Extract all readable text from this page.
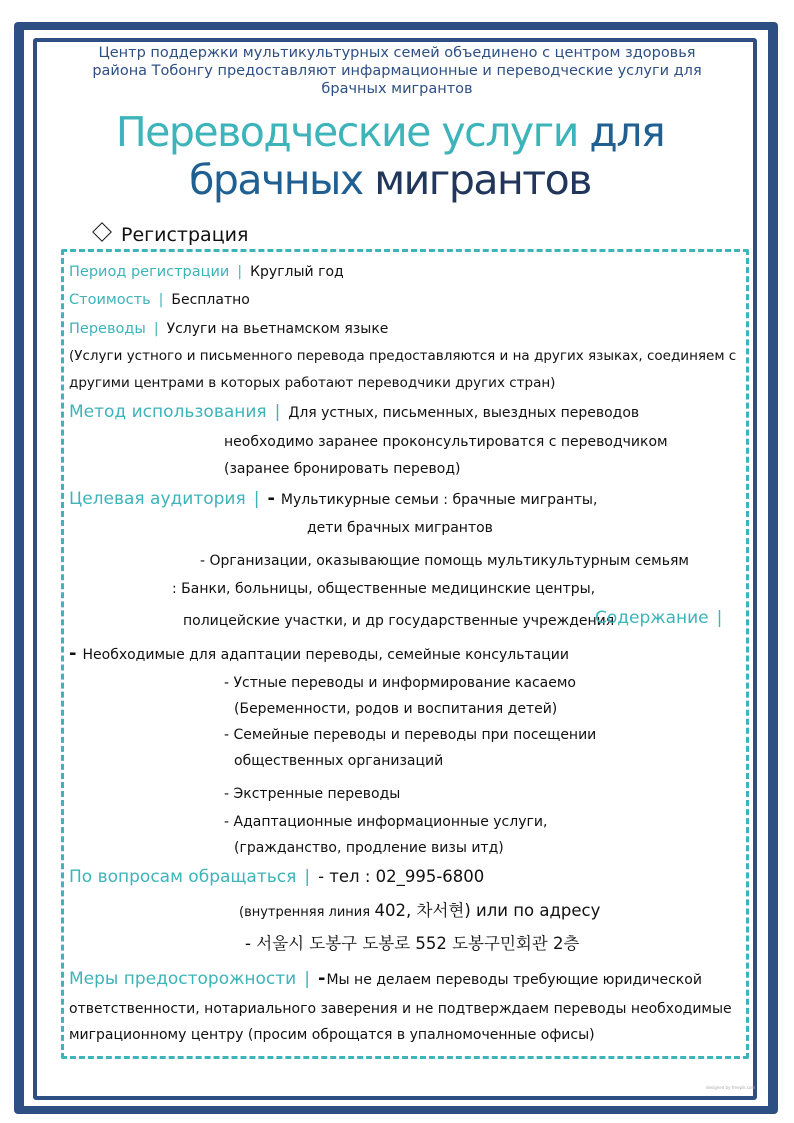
Центр поддержки мультикультурных семей объединено с центром здоровья
района Тобонгу предоставляют инфармационные и переводческие услуги для
брачных мигрантов
Переводческие услуги для
брачных мигрантов
Регистрация
Период регистрации | Круглый год
Стоимость | Бесплатно
Переводы | Услуги на вьетнамском языке
(Услуги устного и письменного перевода предоставляются и на других языках, соединяем с
другими центрами в которых работают переводчики других стран)
Метод использования | Для устных, письменных, выездных переводов
необходимо заранее проконсультироватся с переводчиком
(заранее бронировать перевод)
Целевая аудитория | - Мультикурные семьи : брачные мигранты,
дети брачных мигрантов
- Организации, оказывающие помощь мультикультурным семьям
: Банки, больницы, общественные медицинские центры,
полицейские участки, и др государственные учреждения
Содержание |
- Необходимые для адаптации переводы, семейные консультации
- Устные переводы и информирование касаемо
(Беременности, родов и воспитания детей)
- Семейные переводы и переводы при посещении
общественных организаций
- Экстренные переводы
- Адаптационные информационные услуги,
(гражданство, продление визы итд)
По вопросам обращаться | - тел : 02_995-6800
(внутренняя линия 402, 차서현) или по адресу
- 서울시 도봉구 도봉로 552 도봉구민회관 2층
Меры предосторожности | -Мы не делаем переводы требующие юридической
ответственности, нотариального заверения и не подтверждаем переводы необходимые
миграционному центру (просим оброщатся в упалномоченные офисы)
designed by freepik.com
